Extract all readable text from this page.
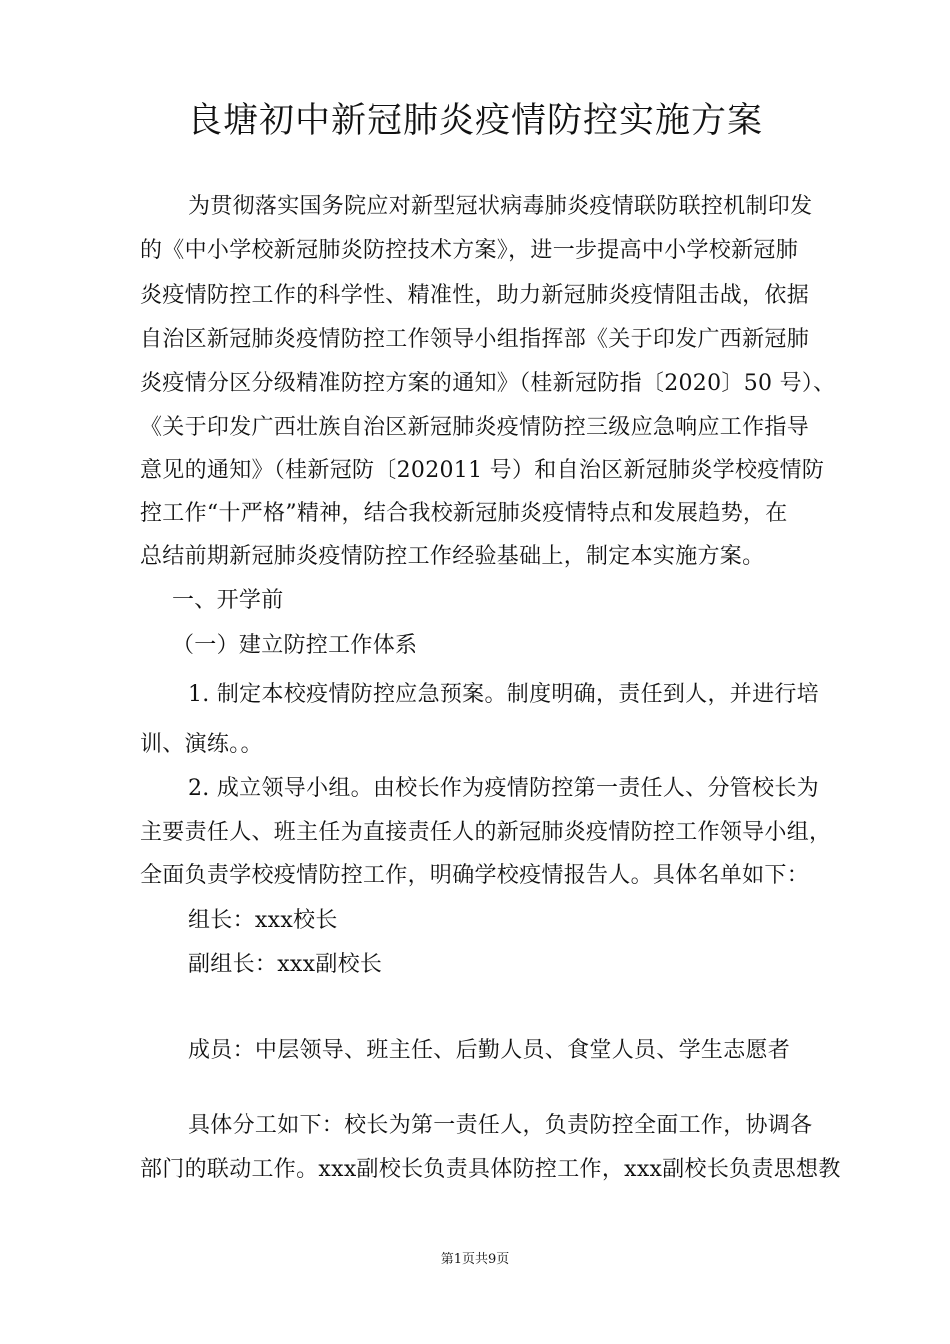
良塘初中新冠肺炎疫情防控实施方案
为贯彻落实国务院应对新型冠状病毒肺炎疫情联防联控机制印发
的《中小学校新冠肺炎防控技术方案》，进一步提高中小学校新冠肺
炎疫情防控工作的科学性、精准性，助力新冠肺炎疫情阻击战，依据
自治区新冠肺炎疫情防控工作领导小组指挥部《关于印发广西新冠肺
炎疫情分区分级精准防控方案的通知》（桂新冠防指〔2020〕50 号）、
《关于印发广西壮族自治区新冠肺炎疫情防控三级应急响应工作指导
意见的通知》（桂新冠防〔202011 号）和自治区新冠肺炎学校疫情防
控工作“十严格”精神，结合我校新冠肺炎疫情特点和发展趋势，在
总结前期新冠肺炎疫情防控工作经验基础上，制定本实施方案。
一、开学前
（一）建立防控工作体系
1. 制定本校疫情防控应急预案。制度明确，责任到人，并进行培
训、演练。。
2. 成立领导小组。由校长作为疫情防控第一责任人、分管校长为
主要责任人、班主任为直接责任人的新冠肺炎疫情防控工作领导小组，
全面负责学校疫情防控工作，明确学校疫情报告人。具体名单如下：
组长：xxx校长
副组长：xxx副校长
成员：中层领导、班主任、后勤人员、食堂人员、学生志愿者
具体分工如下：校长为第一责任人，负责防控全面工作，协调各
部门的联动工作。xxx副校长负责具体防控工作，xxx副校长负责思想教
第1页共9页
